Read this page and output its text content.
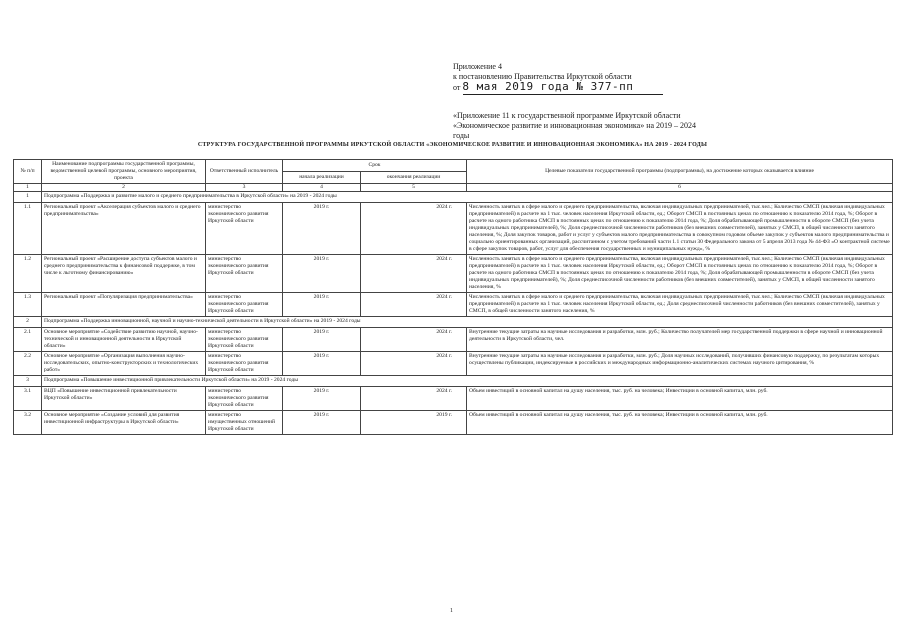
Приложение 4
к постановлению Правительства Иркутской области
от 8 мая 2019 года № 377-пп
«Приложение 11 к государственной программе Иркутской области «Экономическое развитие и инновационная экономика» на 2019 – 2024 годы
СТРУКТУРА ГОСУДАРСТВЕННОЙ ПРОГРАММЫ ИРКУТСКОЙ ОБЛАСТИ «ЭКОНОМИЧЕСКОЕ РАЗВИТИЕ И ИННОВАЦИОННАЯ ЭКОНОМИКА» НА 2019 - 2024 ГОДЫ
№ п/п	Наименование подпрограммы государственной программы, ведомственной целевой программы, основного мероприятия, проекта	Ответственный исполнитель	Срок		Целевые показатели государственной программы (подпрограммы), на достижение которых оказывается влияние
			начала реализации	окончания реализации	
1	2	3	4	5	6
1	Подпрограмма «Поддержка и развитие малого и среднего предпринимательства в Иркутской области» на 2019 - 2024 годы				
1.1	Региональный проект «Акселерация субъектов малого и среднего предпринимательства»	министерство экономического развития Иркутской области	2019 г.	2024 г.	Численность занятых в сфере малого и среднего предпринимательства, включая индивидуальных предпринимателей, тыс.чел.; Количество СМСП (включая индивидуальных предпринимателей) в расчете на 1 тыс. человек населения Иркутской области, ед.; Оборот СМСП в постоянных ценах по отношению к показателю 2014 года, %; Оборот в расчете на одного работника СМСП в постоянных ценах по отношению к показателю 2014 года, %; Доля обрабатывающей промышленности в обороте СМСП (без учета индивидуальных предпринимателей), %; Доля среднесписочной численности работников (без внешних совместителей), занятых у СМСП, в общей численности занятого населения, %; Доля закупок товаров, работ и услуг у субъектов малого предпринимательства в совокупном годовом объеме закупок у субъектов малого предпринимательства и социально ориентированных организаций, рассчитанном с учетом требований части 1.1 статьи 30 Федерального закона от 5 апреля 2013 года № 44-ФЗ «О контрактной системе в сфере закупок товаров, работ, услуг для обеспечения государственных и муниципальных нужд», %
1.2	Региональный проект «Расширение доступа субъектов малого и среднего предпринимательства к финансовой поддержке, в том числе к льготному финансированию»	министерство экономического развития Иркутской области	2019 г.	2024 г.	Численность занятых в сфере малого и среднего предпринимательства, включая индивидуальных предпринимателей, тыс.чел.; Количество СМСП (включая индивидуальных предпринимателей) в расчете на 1 тыс. человек населения Иркутской области, ед.; Оборот СМСП в постоянных ценах по отношению к показателю 2014 года, %; Оборот в расчете на одного работника СМСП в постоянных ценах по отношению к показателю 2014 года, %; Доля обрабатывающей промышленности в обороте СМСП (без учета индивидуальных предпринимателей), %; Доля среднесписочной численности работников (без внешних совместителей), занятых у СМСП, в общей численности занятого населения, %
1.3	Региональный проект «Популяризация предпринимательства»	министерство экономического развития Иркутской области	2019 г.	2024 г.	Численность занятых в сфере малого и среднего предпринимательства, включая индивидуальных предпринимателей, тыс.чел.; Количество СМСП (включая индивидуальных предпринимателей) в расчете на 1 тыс. человек населения Иркутской области, ед.; Доля среднесписочной численности работников (без внешних совместителей), занятых у СМСП, в общей численности занятого населения, %
2	Подпрограмма «Поддержка инновационной, научной и научно-технической деятельности в Иркутской области» на 2019 - 2024 годы				
2.1	Основное мероприятие «Содействие развитию научной, научно-технической и инновационной деятельности в Иркутской области»	министерство экономического развития Иркутской области	2019 г.	2024 г.	Внутренние текущие затраты на научные исследования и разработки, млн. руб.; Количество получателей мер государственной поддержки в сфере научной и инновационной деятельности в Иркутской области, чел.
2.2	Основное мероприятие «Организация выполнения научно-исследовательских, опытно-конструкторских и технологических работ»	министерство экономического развития Иркутской области	2019 г.	2024 г.	Внутренние текущие затраты на научные исследования и разработки, млн. руб.; Доля научных исследований, получивших финансовую поддержку, по результатам которых осуществлены публикации, индексируемые в российских и международных информационно-аналитических системах научного цитирования, %
3	Подпрограмма «Повышение инвестиционной привлекательности Иркутской области» на 2019 - 2024 годы				
3.1	ВЦП «Повышение инвестиционной привлекательности Иркутской области»	министерство экономического развития Иркутской области	2019 г.	2024 г.	Объем инвестиций в основной капитал на душу населения, тыс. руб. на человека; Инвестиции в основной капитал, млн. руб.
3.2	Основное мероприятие «Создание условий для развития инвестиционной инфраструктуры в Иркутской области»	министерство имущественных отношений Иркутской области	2019 г.	2019 г.	Объем инвестиций в основной капитал на душу населения, тыс. руб. на человека; Инвестиции в основной капитал, млн. руб.
1
